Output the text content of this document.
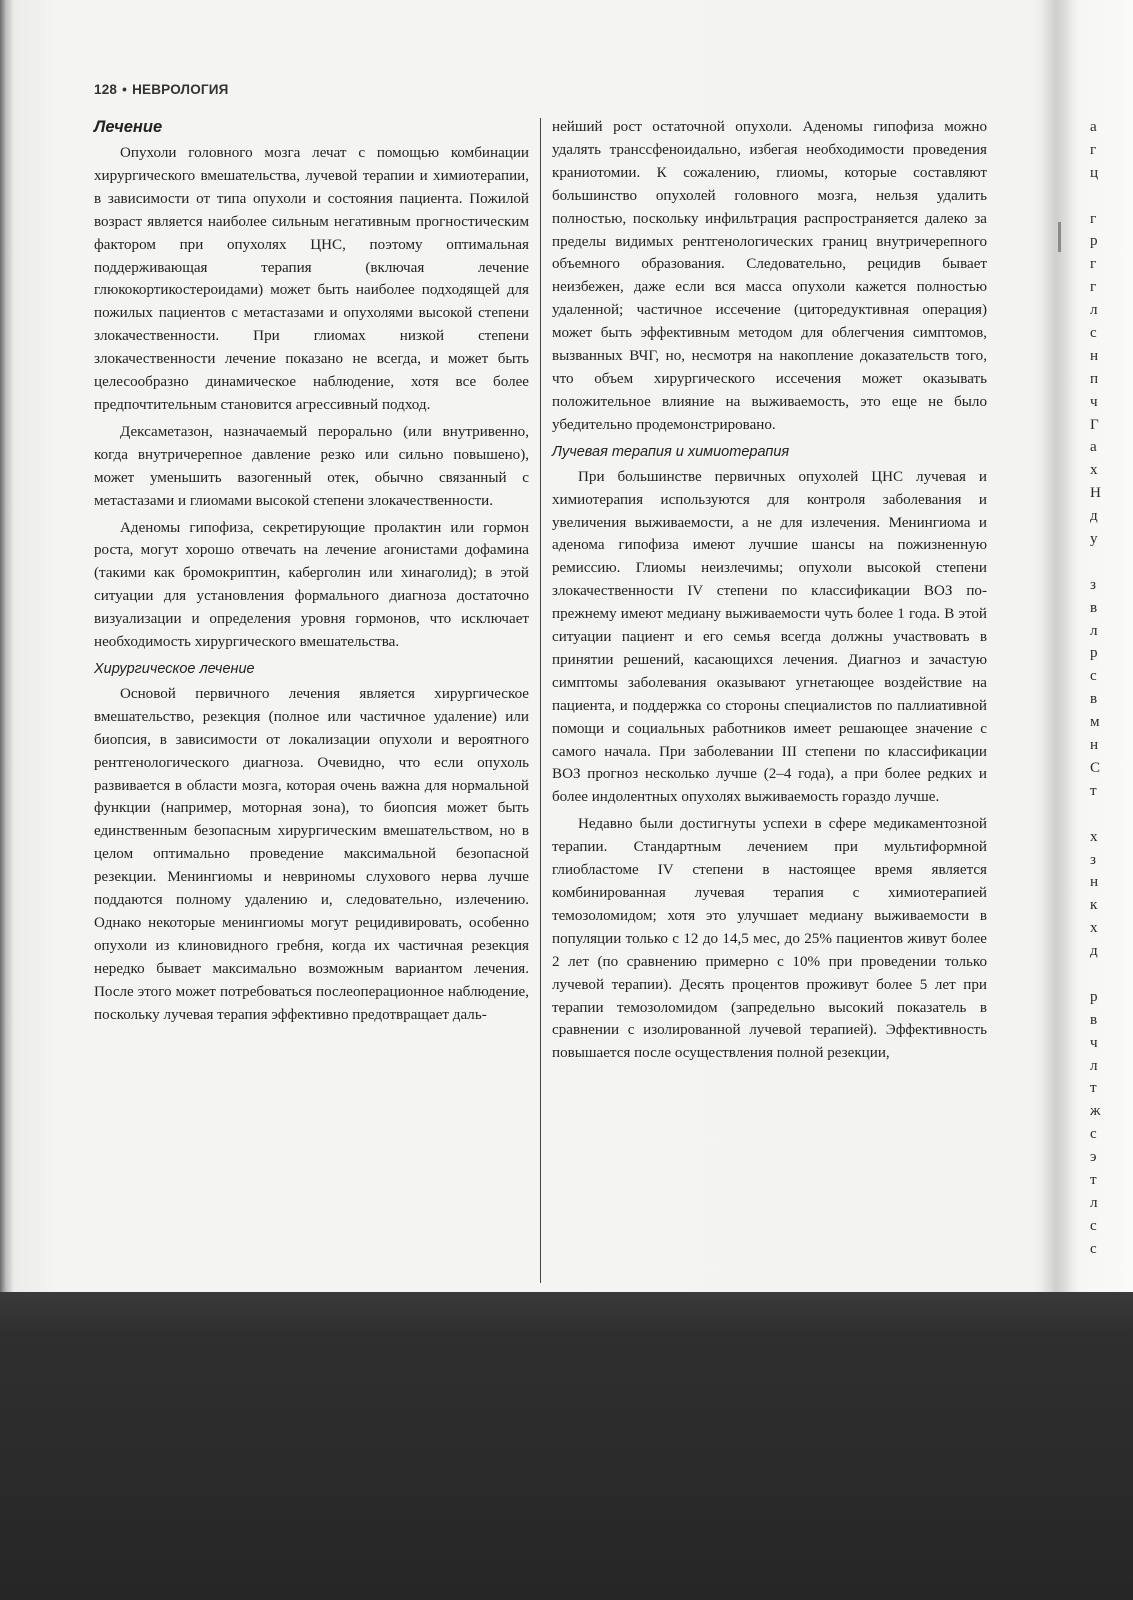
128 • НЕВРОЛОГИЯ
Лечение

Опухоли головного мозга лечат с помощью комбинации хирургического вмешательства, лучевой терапии и химиотерапии, в зависимости от типа опухоли и состояния пациента. Пожилой возраст является наиболее сильным негативным прогностическим фактором при опухолях ЦНС, поэтому оптимальная поддерживающая терапия (включая лечение глюкокортикостероидами) может быть наиболее подходящей для пожилых пациентов с метастазами и опухолями высокой степени злокачественности. При глиомах низкой степени злокачественности лечение показано не всегда, и может быть целесообразно динамическое наблюдение, хотя все более предпочтительным становится агрессивный подход.

Дексаметазон, назначаемый перорально (или внутривенно, когда внутричерепное давление резко или сильно повышено), может уменьшить вазогенный отек, обычно связанный с метастазами и глиомами высокой степени злокачественности.

Аденомы гипофиза, секретирующие пролактин или гормон роста, могут хорошо отвечать на лечение агонистами дофамина (такими как бромокриптин, каберголин или хинаголид); в этой ситуации для установления формального диагноза достаточно визуализации и определения уровня гормонов, что исключает необходимость хирургического вмешательства.

Хирургическое лечение

Основой первичного лечения является хирургическое вмешательство, резекция (полное или частичное удаление) или биопсия, в зависимости от локализации опухоли и вероятного рентгенологического диагноза. Очевидно, что если опухоль развивается в области мозга, которая очень важна для нормальной функции (например, моторная зона), то биопсия может быть единственным безопасным хирургическим вмешательством, но в целом оптимально проведение максимальной безопасной резекции. Менингиомы и невриномы слухового нерва лучше поддаются полному удалению и, следовательно, излечению. Однако некоторые менингиомы могут рецидивировать, особенно опухоли из клиновидного гребня, когда их частичная резекция нередко бывает максимально возможным вариантом лечения. После этого может потребоваться послеоперационное наблюдение, поскольку лучевая терапия эффективно предотвращает даль-

нейший рост остаточной опухоли. Аденомы гипофиза можно удалять транссфеноидально, избегая необходимости проведения краниотомии. К сожалению, глиомы, которые составляют большинство опухолей головного мозга, нельзя удалить полностью, поскольку инфильтрация распространяется далеко за пределы видимых рентгенологических границ внутричерепного объемного образования. Следовательно, рецидив бывает неизбежен, даже если вся масса опухоли кажется полностью удаленной; частичное иссечение (циторедуктивная операция) может быть эффективным методом для облегчения симптомов, вызванных ВЧГ, но, несмотря на накопление доказательств того, что объем хирургического иссечения может оказывать положительное влияние на выживаемость, это еще не было убедительно продемонстрировано.

Лучевая терапия и химиотерапия

При большинстве первичных опухолей ЦНС лучевая и химиотерапия используются для контроля заболевания и увеличения выживаемости, а не для излечения. Менингиома и аденома гипофиза имеют лучшие шансы на пожизненную ремиссию. Глиомы неизлечимы; опухоли высокой степени злокачественности IV степени по классификации ВОЗ по-прежнему имеют медиану выживаемости чуть более 1 года. В этой ситуации пациент и его семья всегда должны участвовать в принятии решений, касающихся лечения. Диагноз и зачастую симптомы заболевания оказывают угнетающее воздействие на пациента, и поддержка со стороны специалистов по паллиативной помощи и социальных работников имеет решающее значение с самого начала. При заболевании III степени по классификации ВОЗ прогноз несколько лучше (2–4 года), а при более редких и более индолентных опухолях выживаемость гораздо лучше.

Недавно были достигнуты успехи в сфере медикаментозной терапии. Стандартным лечением при мультиформной глиобластоме IV степени в настоящее время является комбинированная лучевая терапия с химиотерапией темозоломидом; хотя это улучшает медиану выживаемости в популяции только с 12 до 14,5 мес, до 25% пациентов живут более 2 лет (по сравнению примерно с 10% при проведении только лучевой терапии). Десять процентов проживут более 5 лет при терапии темозоломидом (запредельно высокий показатель в сравнении с изолированной лучевой терапией). Эффективность повышается после осуществления полной резекции,

а
г
ц
г
р
г
г
л
с
н
п
ч
Г
а
х
Н
д
у
з
в
л
р
с
в
м
н
С
т
х
з
н
к
х
д
р
в
ч
л
т
ж
с
э
т
л
с
с
